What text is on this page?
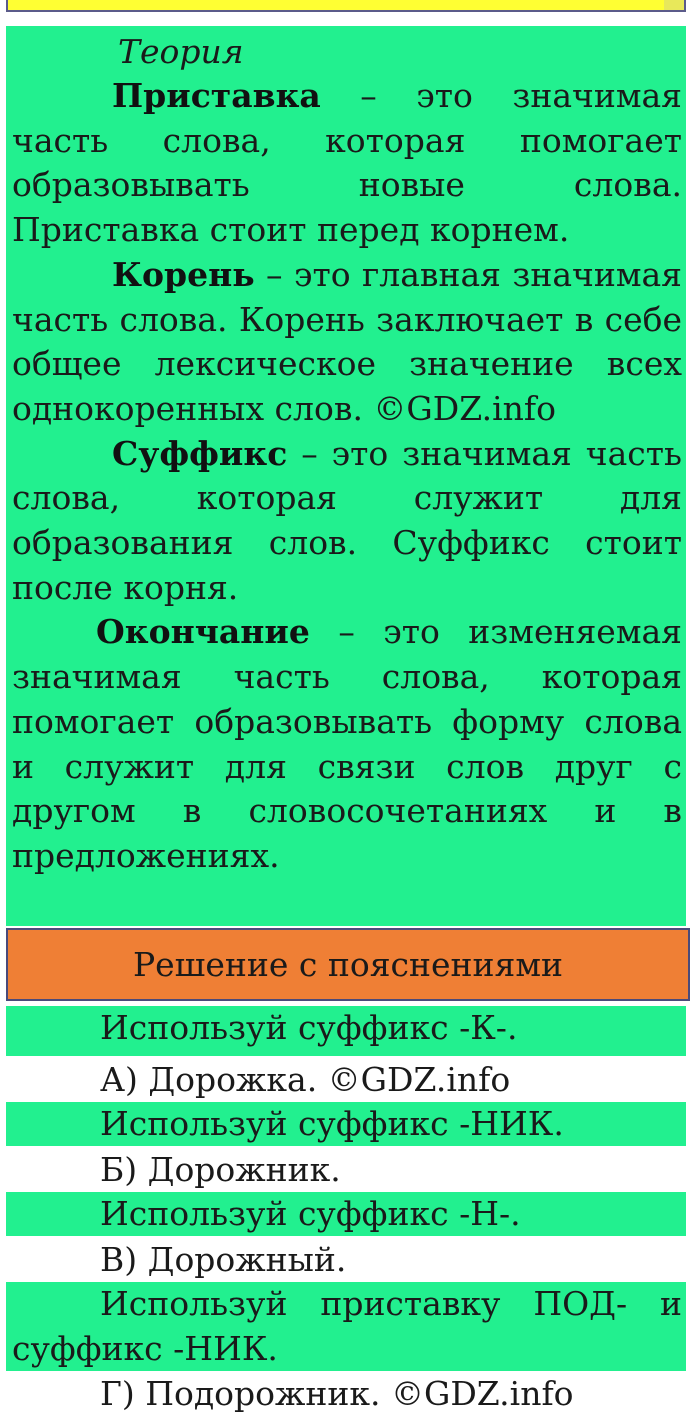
Теория

Приставка – это значимая часть слова, которая помогает образовывать новые слова. Приставка стоит перед корнем.

Корень – это главная значимая часть слова. Корень заключает в себе общее лексическое значение всех однокоренных слов. ©GDZ.info

Суффикс – это значимая часть слова, которая служит для образования слов. Суффикс стоит после корня.

Окончание – это изменяемая значимая часть слова, которая помогает образовывать форму слова и служит для связи слов друг с другом в словосочетаниях и в предложениях.

Решение с пояснениями
Используй суффикс -К-.
А) Дорожка. ©GDZ.info
Используй суффикс -НИК.
Б) Дорожник.
Используй суффикс -Н-.
В) Дорожный.
Используй приставку ПОД- и суффикс -НИК.
Г) Подорожник. ©GDZ.info
